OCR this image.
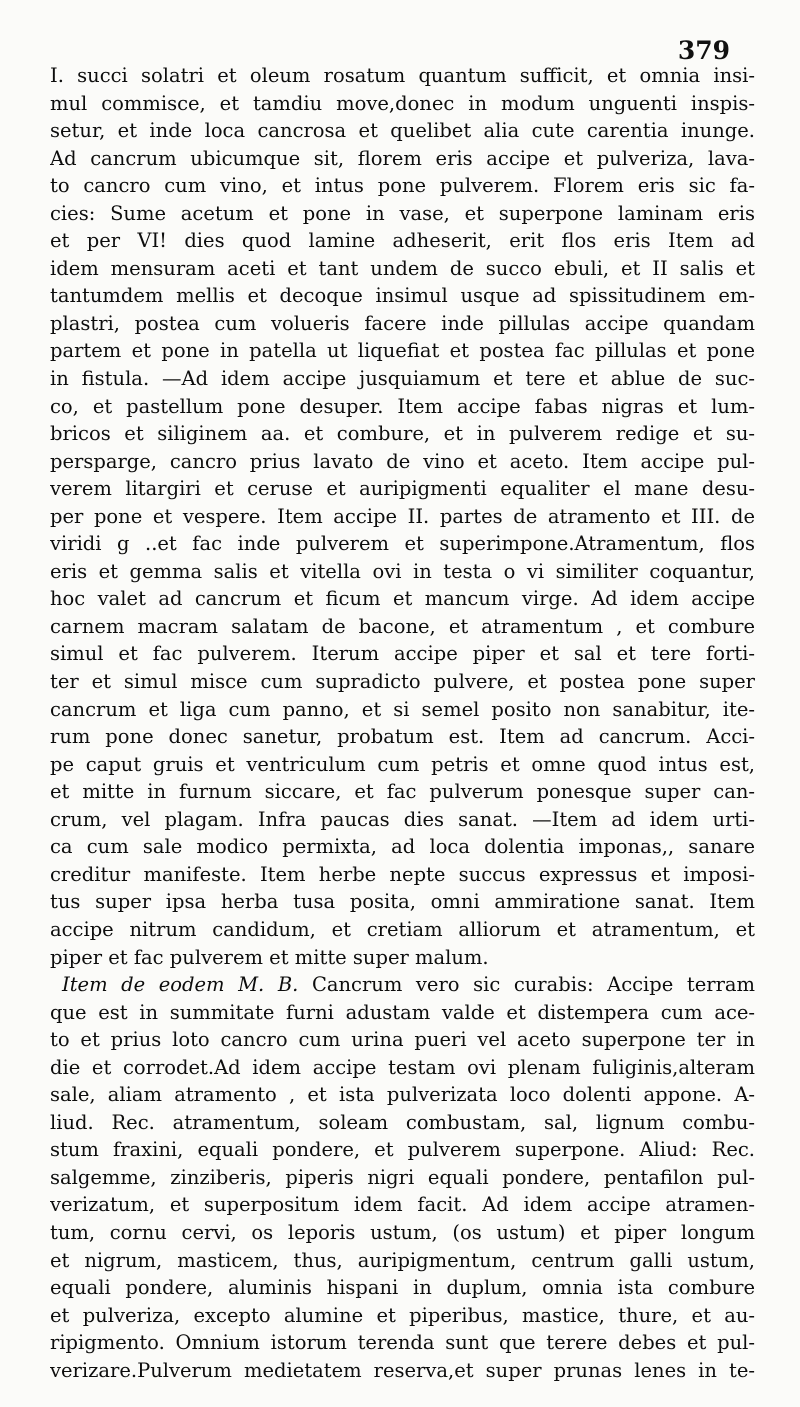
379
I. succi solatri et oleum rosatum quantum sufficit, et omnia insi-
mul commisce, et tamdiu move,donec in modum unguenti inspis-
setur, et inde loca cancrosa et quelibet alia cute carentia inunge.
Ad cancrum ubicumque sit, florem eris accipe et pulveriza, lava-
to cancro cum vino, et intus pone pulverem. Florem eris sic fa-
cies: Sume acetum et pone in vase, et superpone laminam eris
et per VI! dies quod lamine adheserit, erit flos eris Item ad
idem mensuram aceti et tant undem de succo ebuli, et II salis et
tantumdem mellis et decoque insimul usque ad spissitudinem em-
plastri, postea cum volueris facere inde pillulas accipe quandam
partem et pone in patella ut liquefiat et postea fac pillulas et pone
in fistula. —Ad idem accipe jusquiamum et tere et ablue de suc-
co, et pastellum pone desuper. Item accipe fabas nigras et lum-
bricos et siliginem aa. et combure, et in pulverem redige et su-
persparge, cancro prius lavato de vino et aceto. Item accipe pul-
verem litargiri et ceruse et auripigmenti equaliter el mane desu-
per pone et vespere. Item accipe II. partes de atramento et III. de
viridi g ..et fac inde pulverem et superimpone.Atramentum, flos
eris et gemma salis et vitella ovi in testa o vi similiter coquantur,
hoc valet ad cancrum et ficum et mancum virge. Ad idem accipe
carnem macram salatam de bacone, et atramentum , et combure
simul et fac pulverem. Iterum accipe piper et sal et tere forti-
ter et simul misce cum supradicto pulvere, et postea pone super
cancrum et liga cum panno, et si semel posito non sanabitur, ite-
rum pone donec sanetur, probatum est. Item ad cancrum. Acci-
pe caput gruis et ventriculum cum petris et omne quod intus est,
et mitte in furnum siccare, et fac pulverum ponesque super can-
crum, vel plagam. Infra paucas dies sanat. —Item ad idem urti-
ca cum sale modico permixta, ad loca dolentia imponas,, sanare
creditur manifeste. Item herbe nepte succus expressus et imposi-
tus super ipsa herba tusa posita, omni ammiratione sanat. Item
accipe nitrum candidum, et cretiam alliorum et atramentum, et
piper et fac pulverem et mitte super malum.
Item de eodem M. B. Cancrum vero sic curabis: Accipe terram
que est in summitate furni adustam valde et distempera cum ace-
to et prius loto cancro cum urina pueri vel aceto superpone ter in
die et corrodet.Ad idem accipe testam ovi plenam fuliginis,alteram
sale, aliam atramento , et ista pulverizata loco dolenti appone. A-
liud. Rec. atramentum, soleam combustam, sal, lignum combu-
stum fraxini, equali pondere, et pulverem superpone. Aliud: Rec.
salgemme, zinziberis, piperis nigri equali pondere, pentafilon pul-
verizatum, et superpositum idem facit. Ad idem accipe atramen-
tum, cornu cervi, os leporis ustum, (os ustum) et piper longum
et nigrum, masticem, thus, auripigmentum, centrum galli ustum,
equali pondere, aluminis hispani in duplum, omnia ista combure
et pulveriza, excepto alumine et piperibus, mastice, thure, et au-
ripigmento. Omnium istorum terenda sunt que terere debes et pul-
verizare.Pulverum medietatem reserva,et super prunas lenes in te-
